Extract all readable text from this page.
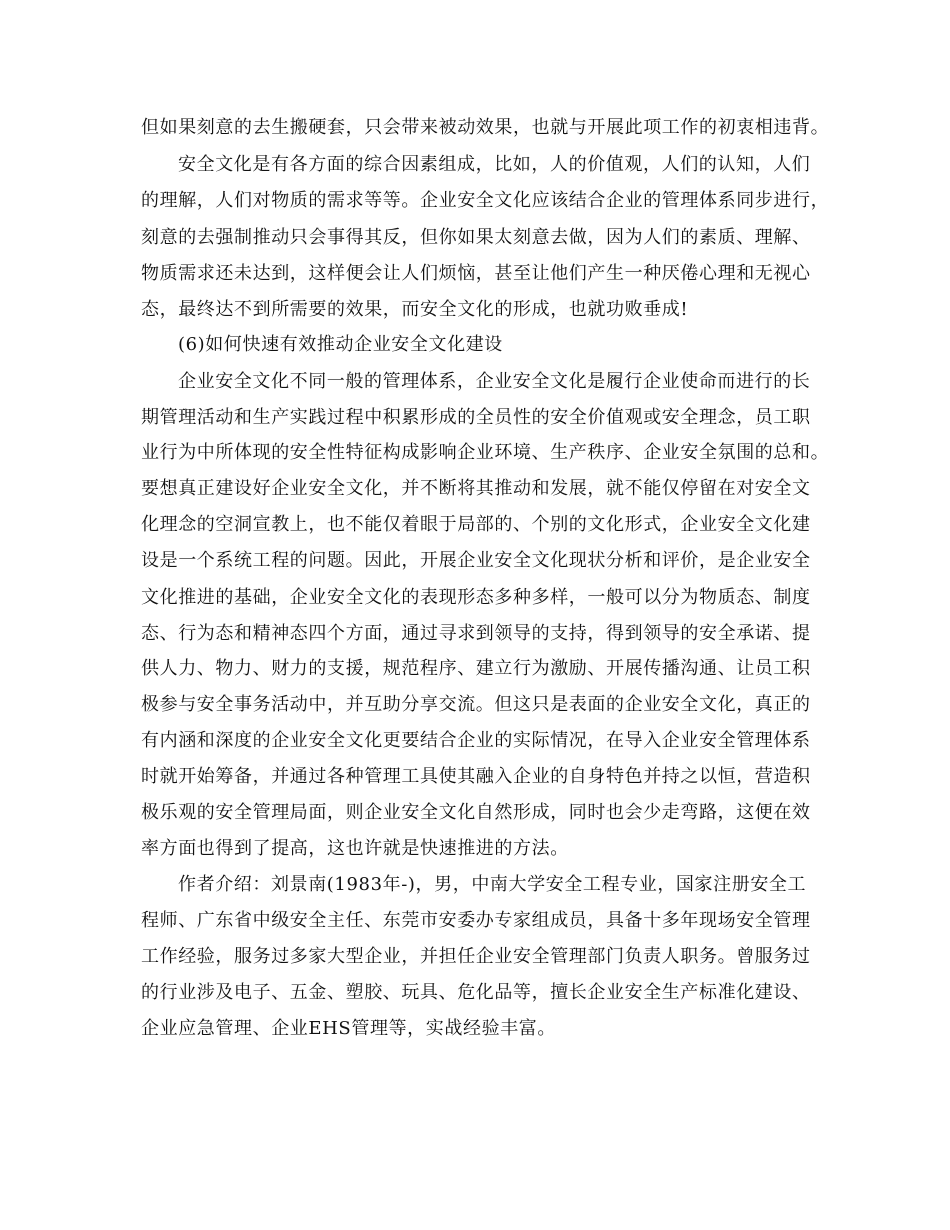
但如果刻意的去生搬硬套，只会带来被动效果，也就与开展此项工作的初衷相违背。
安全文化是有各方面的综合因素组成，比如，人的价值观，人们的认知，人们
的理解，人们对物质的需求等等。企业安全文化应该结合企业的管理体系同步进行，
刻意的去强制推动只会事得其反，但你如果太刻意去做，因为人们的素质、理解、
物质需求还未达到，这样便会让人们烦恼，甚至让他们产生一种厌倦心理和无视心
态，最终达不到所需要的效果，而安全文化的形成，也就功败垂成!
(6)如何快速有效推动企业安全文化建设
企业安全文化不同一般的管理体系，企业安全文化是履行企业使命而进行的长
期管理活动和生产实践过程中积累形成的全员性的安全价值观或安全理念，员工职
业行为中所体现的安全性特征构成影响企业环境、生产秩序、企业安全氛围的总和。
要想真正建设好企业安全文化，并不断将其推动和发展，就不能仅停留在对安全文
化理念的空洞宣教上，也不能仅着眼于局部的、个别的文化形式，企业安全文化建
设是一个系统工程的问题。因此，开展企业安全文化现状分析和评价，是企业安全
文化推进的基础，企业安全文化的表现形态多种多样，一般可以分为物质态、制度
态、行为态和精神态四个方面，通过寻求到领导的支持，得到领导的安全承诺、提
供人力、物力、财力的支援，规范程序、建立行为激励、开展传播沟通、让员工积
极参与安全事务活动中，并互助分享交流。但这只是表面的企业安全文化，真正的
有内涵和深度的企业安全文化更要结合企业的实际情况，在导入企业安全管理体系
时就开始筹备，并通过各种管理工具使其融入企业的自身特色并持之以恒，营造积
极乐观的安全管理局面，则企业安全文化自然形成，同时也会少走弯路，这便在效
率方面也得到了提高，这也许就是快速推进的方法。
作者介绍：刘景南(1983年-)，男，中南大学安全工程专业，国家注册安全工
程师、广东省中级安全主任、东莞市安委办专家组成员，具备十多年现场安全管理
工作经验，服务过多家大型企业，并担任企业安全管理部门负责人职务。曾服务过
的行业涉及电子、五金、塑胶、玩具、危化品等，擅长企业安全生产标准化建设、
企业应急管理、企业EHS管理等，实战经验丰富。
